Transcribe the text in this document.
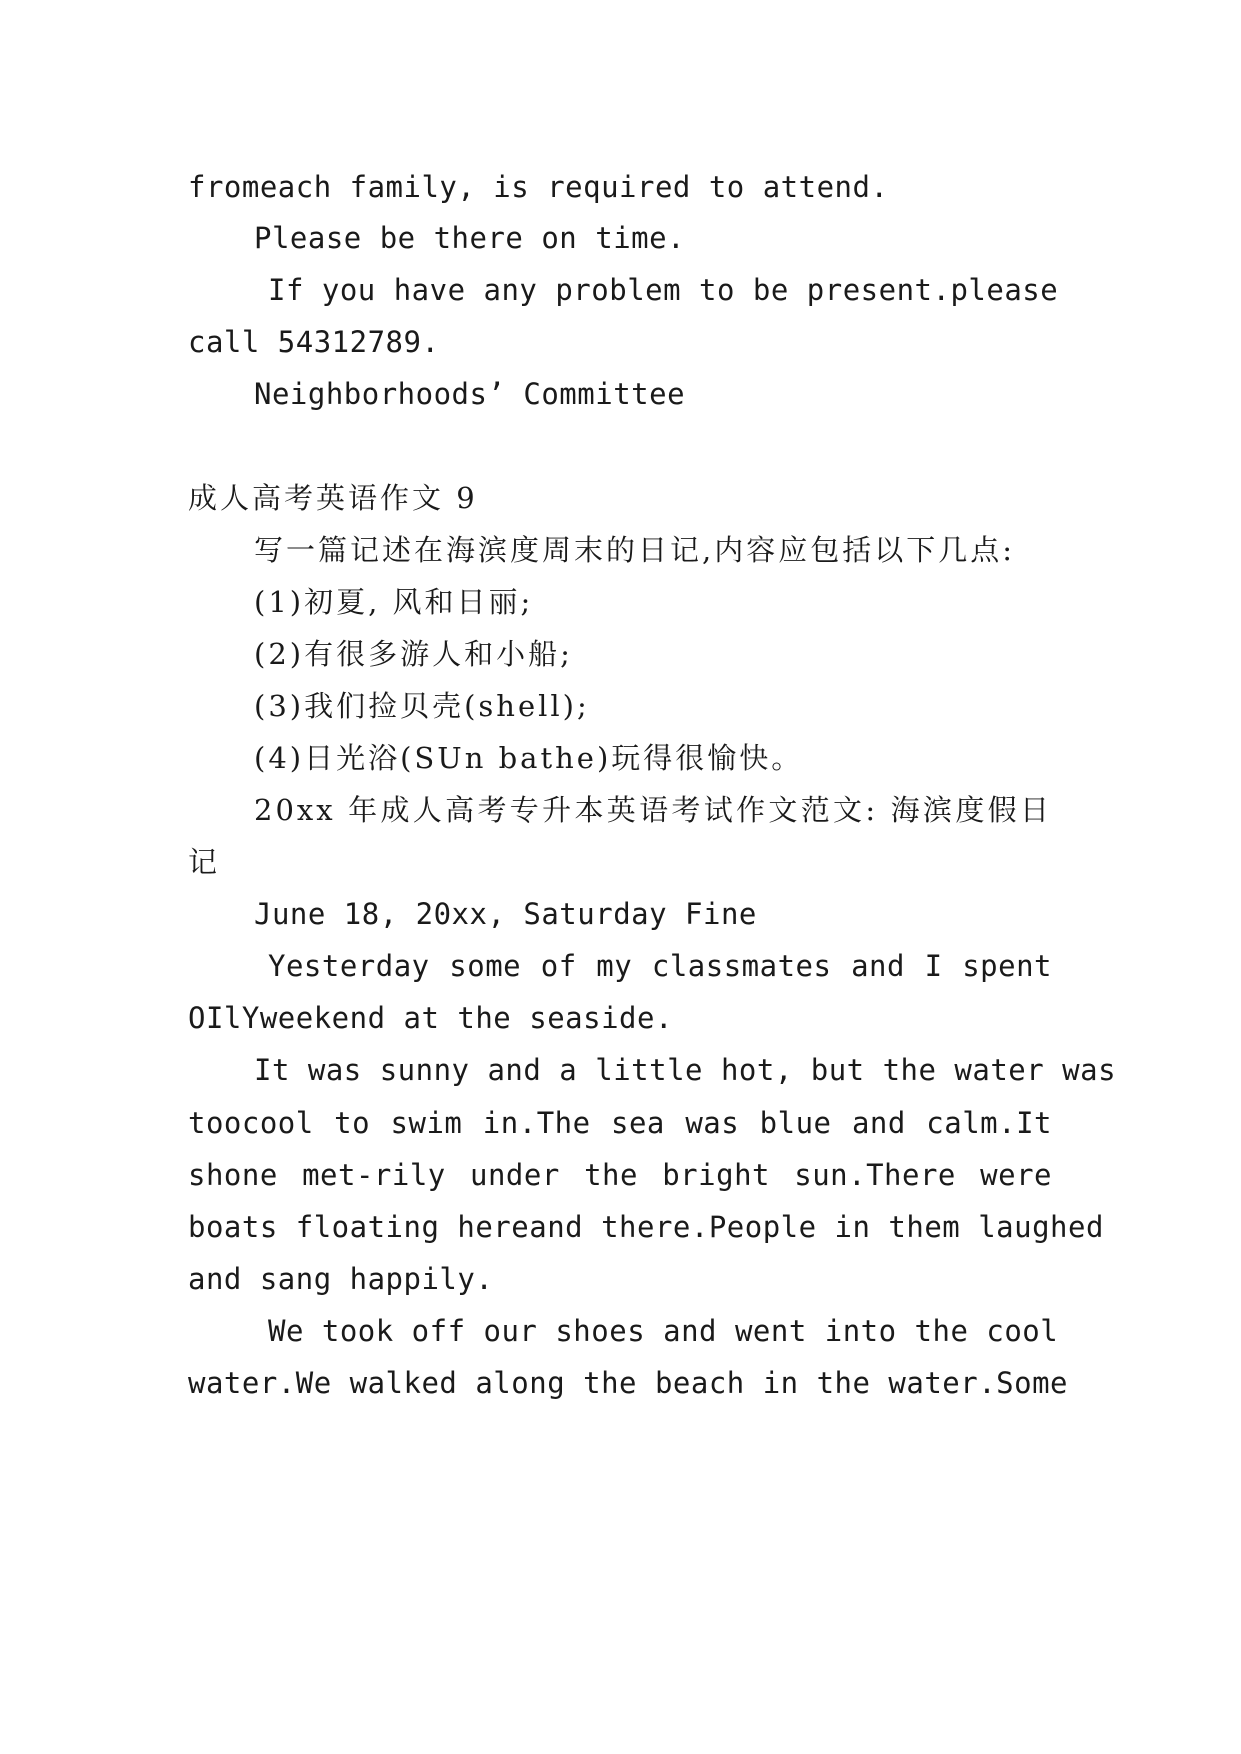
fromeach family, is required to attend.
Please be there on time.
If you have any problem to be present.please
call 54312789.
Neighborhoods’ Committee
成人高考英语作文 9
写一篇记述在海滨度周末的日记,内容应包括以下几点:
(1)初夏, 风和日丽;
(2)有很多游人和小船;
(3)我们捡贝壳(shell);
(4)日光浴(SUn bathe)玩得很愉快。
20xx 年成人高考专升本英语考试作文范文: 海滨度假日
记
June 18, 20xx, Saturday Fine
Yesterday some of my classmates and I spent
OIlYweekend at the seaside.
It was sunny and a little hot, but the water was
toocool to swim in.The sea was blue and calm.It
shone met-rily under the bright sun.There were
boats floating hereand there.People in them laughed
and sang happily.
We took off our shoes and went into the cool
water.We walked along the beach in the water.Some
